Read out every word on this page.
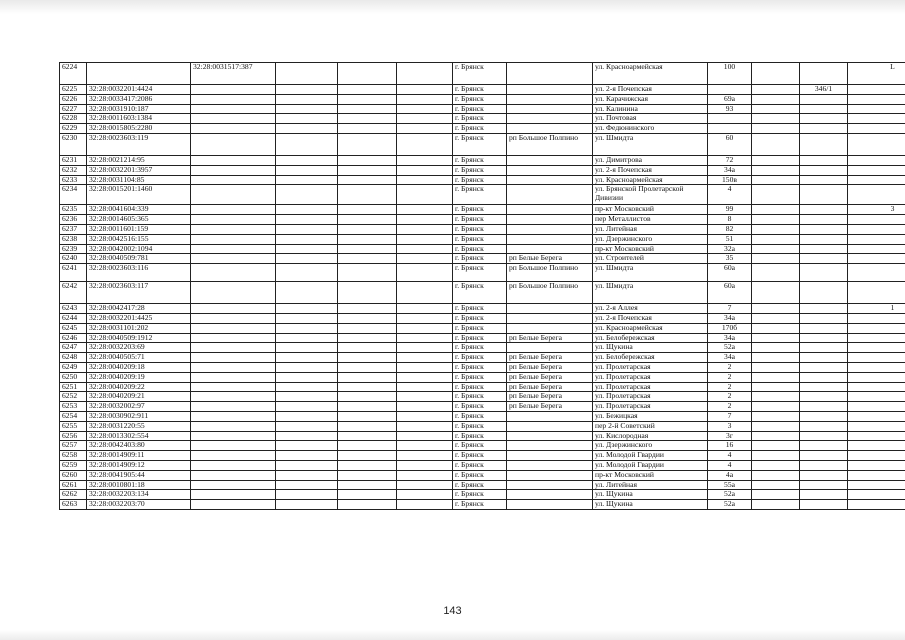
6224		32:28:0031517:387				г. Брянск		ул. Красноармейская	100			L
6225	32:28:0032201:4424					г. Брянск		ул. 2-я Почепская			346/1	
6226	32:28:0033417:2086					г. Брянск		ул. Карачижская	69а			
6227	32:28:0031910:187					г. Брянск		ул. Калинина	93			
6228	32:28:0011603:1384					г. Брянск		ул. Почтовая				
6229	32:28:0015805:2280					г. Брянск		ул. Федюнинского				
6230	32:28:0023603:119					г. Брянск	рп Большое Полпино	ул. Шмидта	60			
6231	32:28:0021214:95					г. Брянск		ул. Димитрова	72			
6232	32:28:0032201:3957					г. Брянск		ул. 2-я Почепская	34а			
6233	32:28:0031104:85					г. Брянск		ул. Красноармейская	150в			
6234	32:28:0015201:1460					г. Брянск		ул. Брянской Пролетарской Дивизии	4			
6235	32:28:0041604:339					г. Брянск		пр-кт Московский	99			3
6236	32:28:0014605:365					г. Брянск		пер Металлистов	8			
6237	32:28:0011601:159					г. Брянск		ул. Литейная	82			
6238	32:28:0042516:155					г. Брянск		ул. Дзержинского	51			
6239	32:28:0042002:1094					г. Брянск		пр-кт Московский	32а			
6240	32:28:0040509:781					г. Брянск	рп Белые Берега	ул. Строителей	35			
6241	32:28:0023603:116					г. Брянск	рп Большое Полпино	ул. Шмидта	60а			
6242	32:28:0023603:117					г. Брянск	рп Большое Полпино	ул. Шмидта	60а			
6243	32:28:0042417:28					г. Брянск		ул. 2-я Аллея	7			1
6244	32:28:0032201:4425					г. Брянск		ул. 2-я Почепская	34а			
6245	32:28:0031101:202					г. Брянск		ул. Красноармейская	170б			
6246	32:28:0040509:1912					г. Брянск	рп Белые Берега	ул. Белобережская	34а			
6247	32:28:0032203:69					г. Брянск		ул. Щукина	52а			
6248	32:28:0040505:71					г. Брянск	рп Белые Берега	ул. Белобережская	34а			
6249	32:28:0040209:18					г. Брянск	рп Белые Берега	ул. Пролетарская	2			
6250	32:28:0040209:19					г. Брянск	рп Белые Берега	ул. Пролетарская	2			
6251	32:28:0040209:22					г. Брянск	рп Белые Берега	ул. Пролетарская	2			
6252	32:28:0040209:21					г. Брянск	рп Белые Берега	ул. Пролетарская	2			
6253	32:28:0032002:97					г. Брянск	рп Белые Берега	ул. Пролетарская	2			
6254	32:28:0030902:911					г. Брянск		ул. Бежицкая	7			
6255	32:28:0031220:55					г. Брянск		пер 2-й Советский	3			
6256	32:28:0013302:554					г. Брянск		ул. Кислородная	3г			
6257	32:28:0042403:80					г. Брянск		ул. Дзержинского	16			
6258	32:28:0014909:11					г. Брянск		ул. Молодой Гвардии	4			
6259	32:28:0014909:12					г. Брянск		ул. Молодой Гвардии	4			
6260	32:28:0041905:44					г. Брянск		пр-кт Московский	4а			
6261	32:28:0010801:18					г. Брянск		ул. Литейная	55а			
6262	32:28:0032203:134					г. Брянск		ул. Щукина	52а			
6263	32:28:0032203:70					г. Брянск		ул. Щукина	52а			
143
